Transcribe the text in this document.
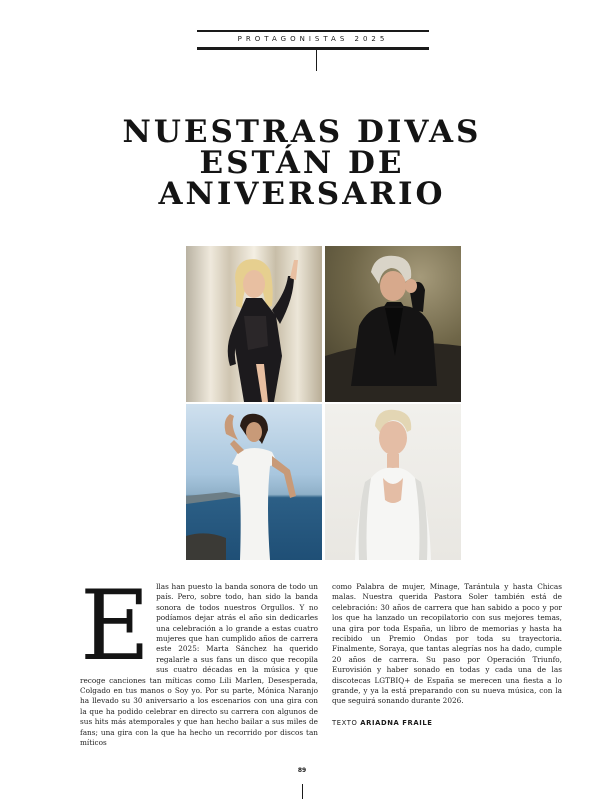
PROTAGONISTAS 2025
NUESTRAS DIVAS
ESTÁN DE
ANIVERSARIO
E llas han puesto la banda sonora de todo un país. Pero, sobre todo, han sido la banda sonora de todos nuestros Orgullos. Y no podíamos dejar atrás el año sin dedicarles una celebración a lo grande a estas cuatro mujeres que han cumplido años de carrera este 2025: Marta Sánchez ha querido regalarle a sus fans un disco que recopila sus cuatro décadas en la música y que recoge canciones tan míticas como Lili Marlen, Desesperada, Colgado en tus manos o Soy yo. Por su parte, Mónica Naranjo ha llevado su 30 aniversario a los escenarios con una gira con la que ha podido celebrar en directo su carrera con algunos de sus hits más atemporales y que han hecho bailar a sus miles de fans; una gira con la que ha hecho un recorrido por discos tan míticos
como Palabra de mujer, Minage, Tarántula y hasta Chicas malas. Nuestra querida Pastora Soler también está de celebración: 30 años de carrera que han sabido a poco y por los que ha lanzado un recopilatorio con sus mejores temas, una gira por toda España, un libro de memorias y hasta ha recibido un Premio Ondas por toda su trayectoria. Finalmente, Soraya, que tantas alegrías nos ha dado, cumple 20 años de carrera. Su paso por Operación Triunfo, Eurovisión y haber sonado en todas y cada una de las discotecas LGTBIQ+ de España se merecen una fiesta a lo grande, y ya la está preparando con su nueva música, con la que seguirá sonando durante 2026.
TEXTO ARIADNA FRAILE
89
